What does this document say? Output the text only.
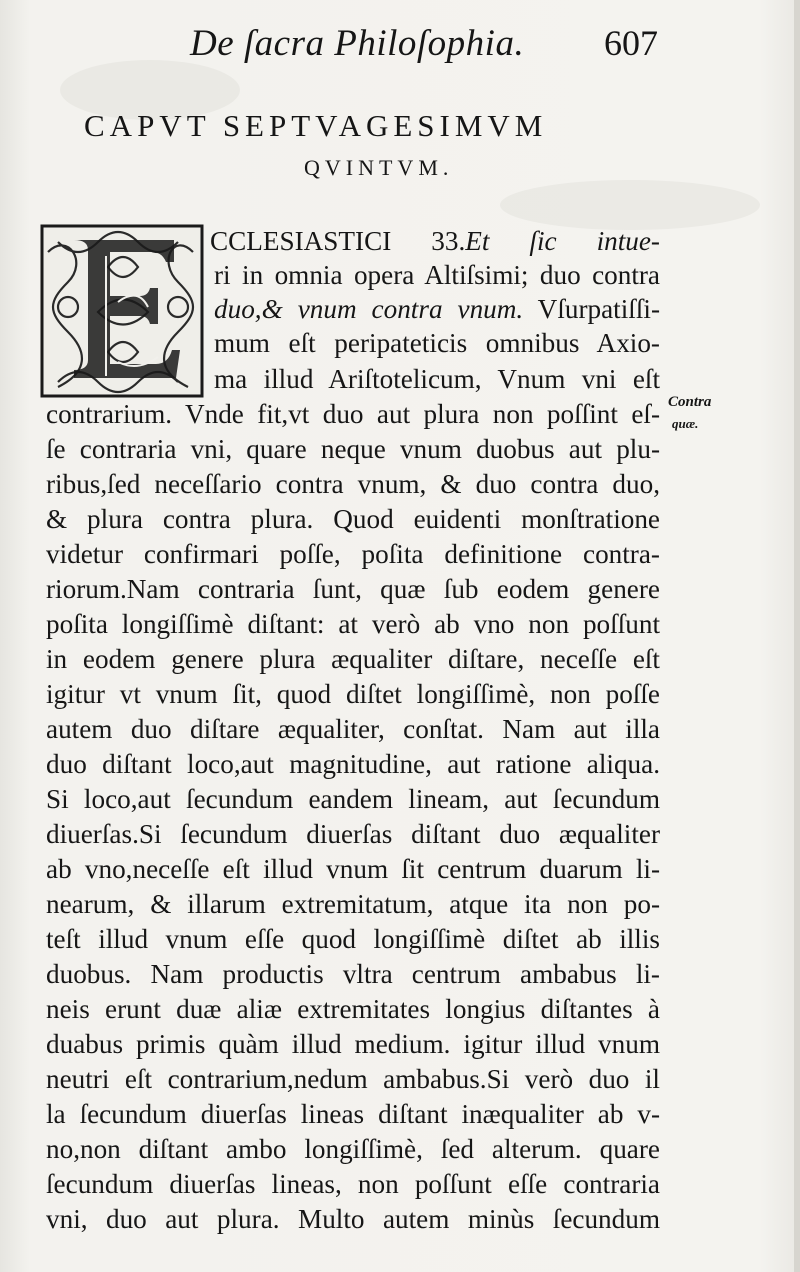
De ſacra Philoſophia. 607
CAPVT SEPTVAGESIMVM
QVINTVM.
CCLESIASTICI 33.Et ſic intue-
ri in omnia opera Altiſsimi; duo contra
duo,& vnum contra vnum. Vſurpatiſſi-
mum eſt peripateticis omnibus Axio-
ma illud Ariſtotelicum, Vnum vni eſt
contrarium. Vnde fit,vt duo aut plura non poſſint eſ-
ſe contraria vni, quare neque vnum duobus aut plu-
ribus,ſed neceſſario contra vnum, & duo contra duo,
& plura contra plura. Quod euidenti monſtratione
videtur confirmari poſſe, poſita definitione contra-
riorum.Nam contraria ſunt, quæ ſub eodem genere
poſita longiſſimè diſtant: at verò ab vno non poſſunt
in eodem genere plura æqualiter diſtare, neceſſe eſt
igitur vt vnum ſit, quod diſtet longiſſimè, non poſſe
autem duo diſtare æqualiter, conſtat. Nam aut illa
duo diſtant loco,aut magnitudine, aut ratione aliqua.
Si loco,aut ſecundum eandem lineam, aut ſecundum
diuerſas.Si ſecundum diuerſas diſtant duo æqualiter
ab vno,neceſſe eſt illud vnum ſit centrum duarum li-
nearum, & illarum extremitatum, atque ita non po-
teſt illud vnum eſſe quod longiſſimè diſtet ab illis
duobus. Nam productis vltra centrum ambabus li-
neis erunt duæ aliæ extremitates longius diſtantes à
duabus primis quàm illud medium. igitur illud vnum
neutri eſt contrarium,nedum ambabus.Si verò duo il
la ſecundum diuerſas lineas diſtant inæqualiter ab v-
no,non diſtant ambo longiſſimè, ſed alterum. quare
ſecundum diuerſas lineas, non poſſunt eſſe contraria
vni, duo aut plura. Multo autem minùs ſecundum
Contra
quæ.
